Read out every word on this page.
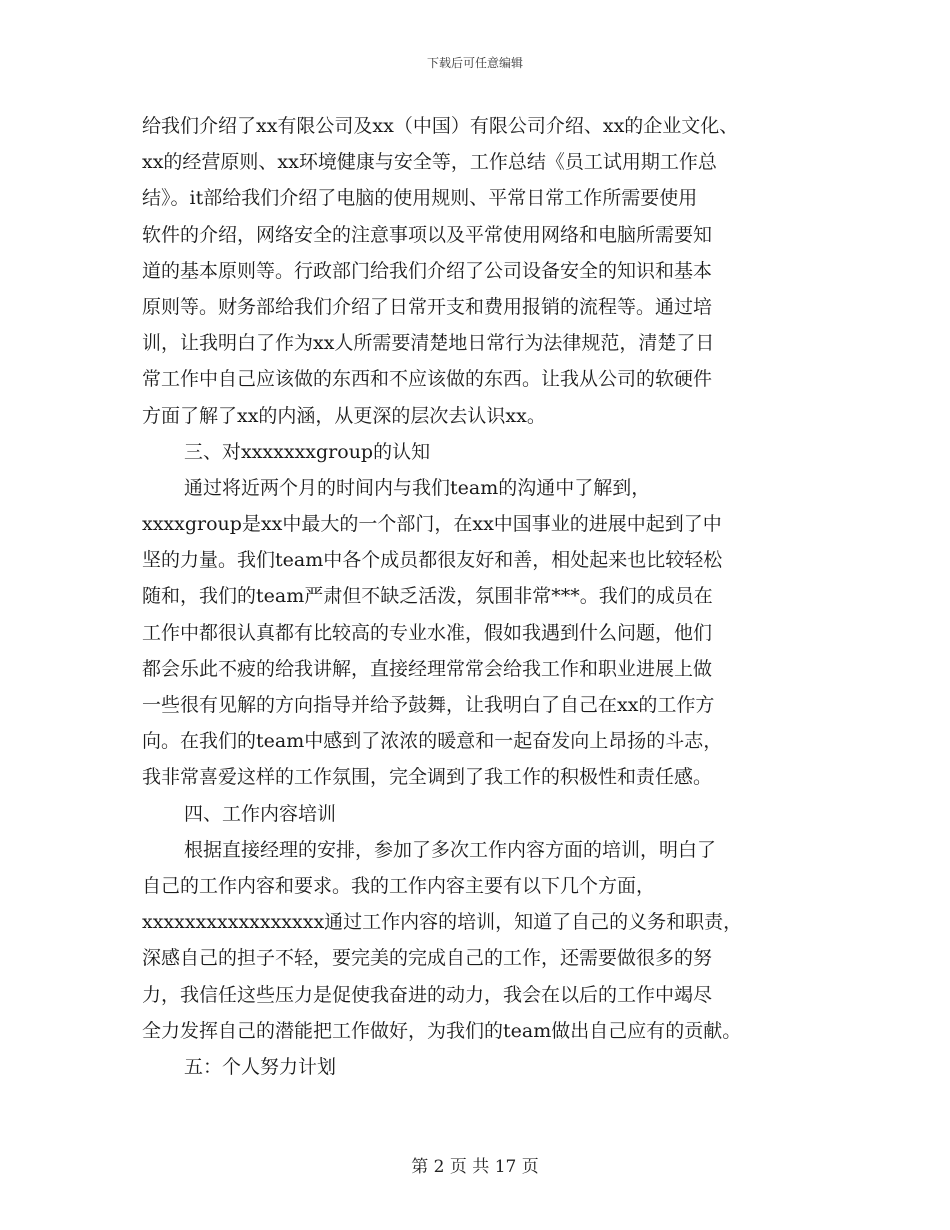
下载后可任意编辑
给我们介绍了xx有限公司及xx（中国）有限公司介绍、xx的企业文化、
xx的经营原则、xx环境健康与安全等，工作总结《员工试用期工作总
结》。it部给我们介绍了电脑的使用规则、平常日常工作所需要使用
软件的介绍，网络安全的注意事项以及平常使用网络和电脑所需要知
道的基本原则等。行政部门给我们介绍了公司设备安全的知识和基本
原则等。财务部给我们介绍了日常开支和费用报销的流程等。通过培
训，让我明白了作为xx人所需要清楚地日常行为法律规范，清楚了日
常工作中自己应该做的东西和不应该做的东西。让我从公司的软硬件
方面了解了xx的内涵，从更深的层次去认识xx。
三、对xxxxxxxgroup的认知
通过将近两个月的时间内与我们team的沟通中了解到，
xxxxgroup是xx中最大的一个部门，在xx中国事业的进展中起到了中
坚的力量。我们team中各个成员都很友好和善，相处起来也比较轻松
随和，我们的team严肃但不缺乏活泼，氛围非常***。我们的成员在
工作中都很认真都有比较高的专业水准，假如我遇到什么问题，他们
都会乐此不疲的给我讲解，直接经理常常会给我工作和职业进展上做
一些很有见解的方向指导并给予鼓舞，让我明白了自己在xx的工作方
向。在我们的team中感到了浓浓的暖意和一起奋发向上昂扬的斗志，
我非常喜爱这样的工作氛围，完全调到了我工作的积极性和责任感。
四、工作内容培训
根据直接经理的安排，参加了多次工作内容方面的培训，明白了
自己的工作内容和要求。我的工作内容主要有以下几个方面，
xxxxxxxxxxxxxxxxx通过工作内容的培训，知道了自己的义务和职责，
深感自己的担子不轻，要完美的完成自己的工作，还需要做很多的努
力，我信任这些压力是促使我奋进的动力，我会在以后的工作中竭尽
全力发挥自己的潜能把工作做好，为我们的team做出自己应有的贡献。
五：个人努力计划
第 2 页 共 17 页
